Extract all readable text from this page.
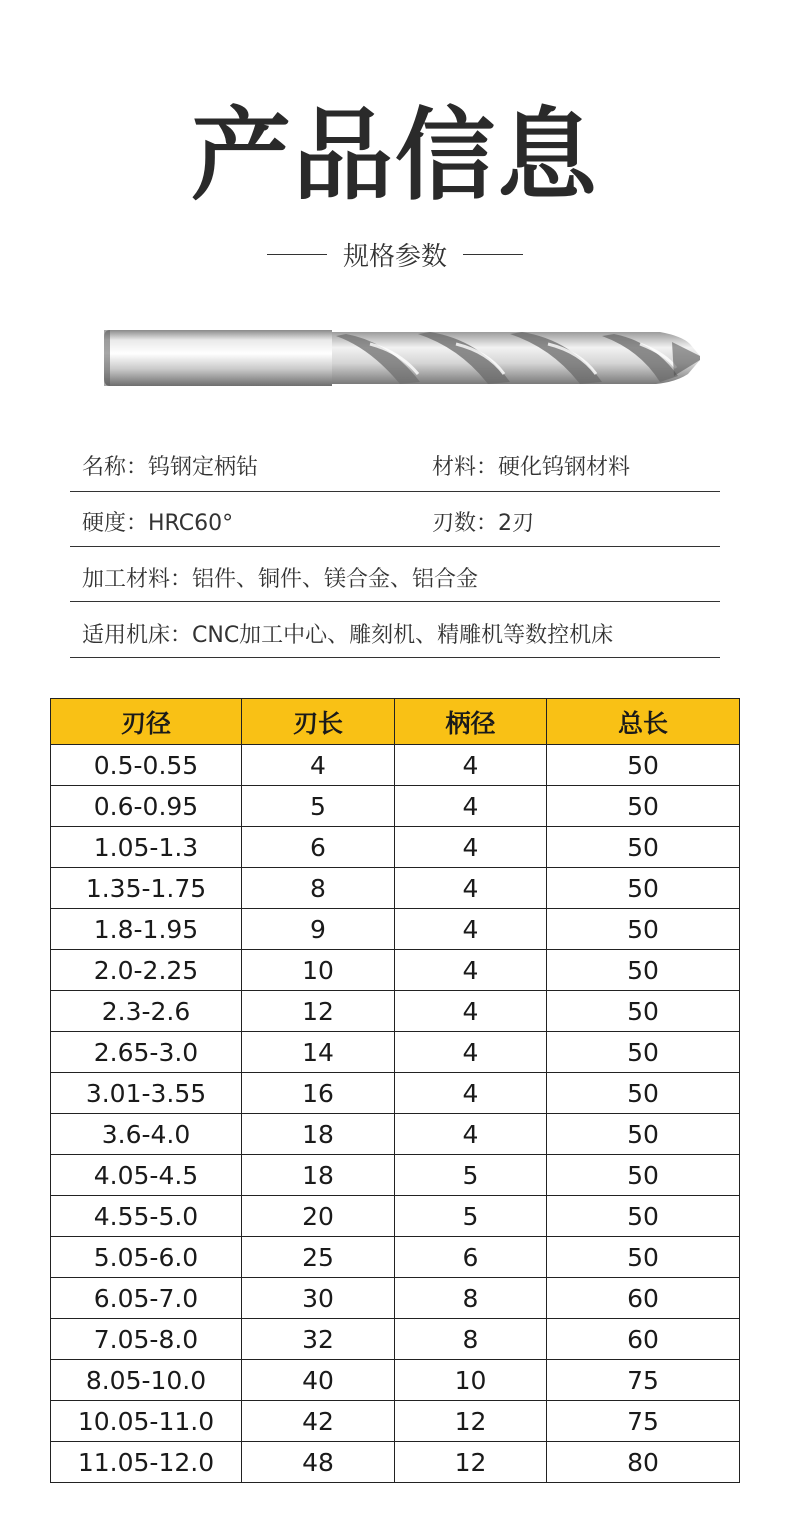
产品信息
规格参数
名称：钨钢定柄钻	材料：硬化钨钢材料
硬度：HRC60°	刃数：2刃
加工材料：铝件、铜件、镁合金、铝合金
适用机床：CNC加工中心、雕刻机、精雕机等数控机床
刃径	刃长	柄径	总长
0.5-0.55	4	4	50
0.6-0.95	5	4	50
1.05-1.3	6	4	50
1.35-1.75	8	4	50
1.8-1.95	9	4	50
2.0-2.25	10	4	50
2.3-2.6	12	4	50
2.65-3.0	14	4	50
3.01-3.55	16	4	50
3.6-4.0	18	4	50
4.05-4.5	18	5	50
4.55-5.0	20	5	50
5.05-6.0	25	6	50
6.05-7.0	30	8	60
7.05-8.0	32	8	60
8.05-10.0	40	10	75
10.05-11.0	42	12	75
11.05-12.0	48	12	80
